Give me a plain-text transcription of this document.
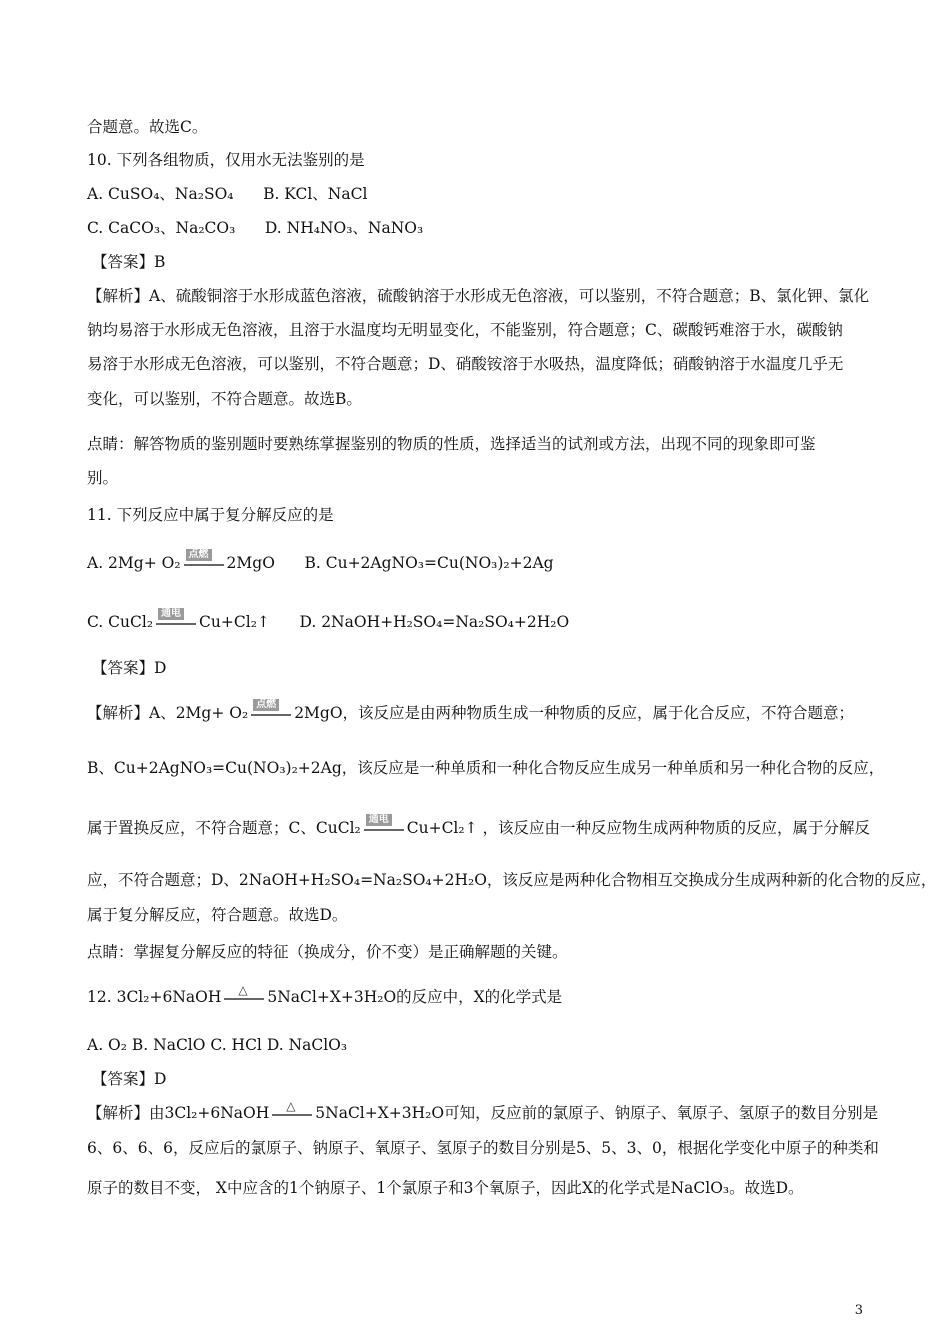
合题意。故选C。
10. 下列各组物质，仅用水无法鉴别的是
A. CuSO₄、Na₂SO₄ B. KCl、NaCl
C. CaCO₃、Na₂CO₃ D. NH₄NO₃、NaNO₃
【答案】B
【解析】A、硫酸铜溶于水形成蓝色溶液，硫酸钠溶于水形成无色溶液，可以鉴别，不符合题意；B、氯化钾、氯化
钠均易溶于水形成无色溶液，且溶于水温度均无明显变化，不能鉴别，符合题意；C、碳酸钙难溶于水，碳酸钠
易溶于水形成无色溶液，可以鉴别，不符合题意；D、硝酸铵溶于水吸热，温度降低；硝酸钠溶于水温度几乎无
变化，可以鉴别，不符合题意。故选B。
点睛：解答物质的鉴别题时要熟练掌握鉴别的物质的性质，选择适当的试剂或方法，出现不同的现象即可鉴
别。
11. 下列反应中属于复分解反应的是
A. 2Mg+ O₂ 点燃 2MgO B. Cu+2AgNO₃=Cu(NO₃)₂+2Ag
C. CuCl₂ 通电 Cu+Cl₂↑ D. 2NaOH+H₂SO₄=Na₂SO₄+2H₂O
【答案】D
【解析】A、2Mg+ O₂ 点燃 2MgO，该反应是由两种物质生成一种物质的反应，属于化合反应，不符合题意；
B、Cu+2AgNO₃=Cu(NO₃)₂+2Ag，该反应是一种单质和一种化合物反应生成另一种单质和另一种化合物的反应，
属于置换反应，不符合题意；C、CuCl₂ 通电 Cu+Cl₂↑ ，该反应由一种反应物生成两种物质的反应，属于分解反
应，不符合题意；D、2NaOH+H₂SO₄=Na₂SO₄+2H₂O，该反应是两种化合物相互交换成分生成两种新的化合物的反应，
属于复分解反应，符合题意。故选D。
点睛：掌握复分解反应的特征（换成分，价不变）是正确解题的关键。
12. 3Cl₂+6NaOH △ 5NaCl+X+3H₂O的反应中，X的化学式是
A. O₂ B. NaClO C. HCl D. NaClO₃
【答案】D
【解析】由3Cl₂+6NaOH △ 5NaCl+X+3H₂O可知，反应前的氯原子、钠原子、氧原子、氢原子的数目分别是
6、6、6、6，反应后的氯原子、钠原子、氧原子、氢原子的数目分别是5、5、3、0，根据化学变化中原子的种类和
原子的数目不变， X中应含的1个钠原子、1个氯原子和3个氧原子，因此X的化学式是NaClO₃。故选D。
3
